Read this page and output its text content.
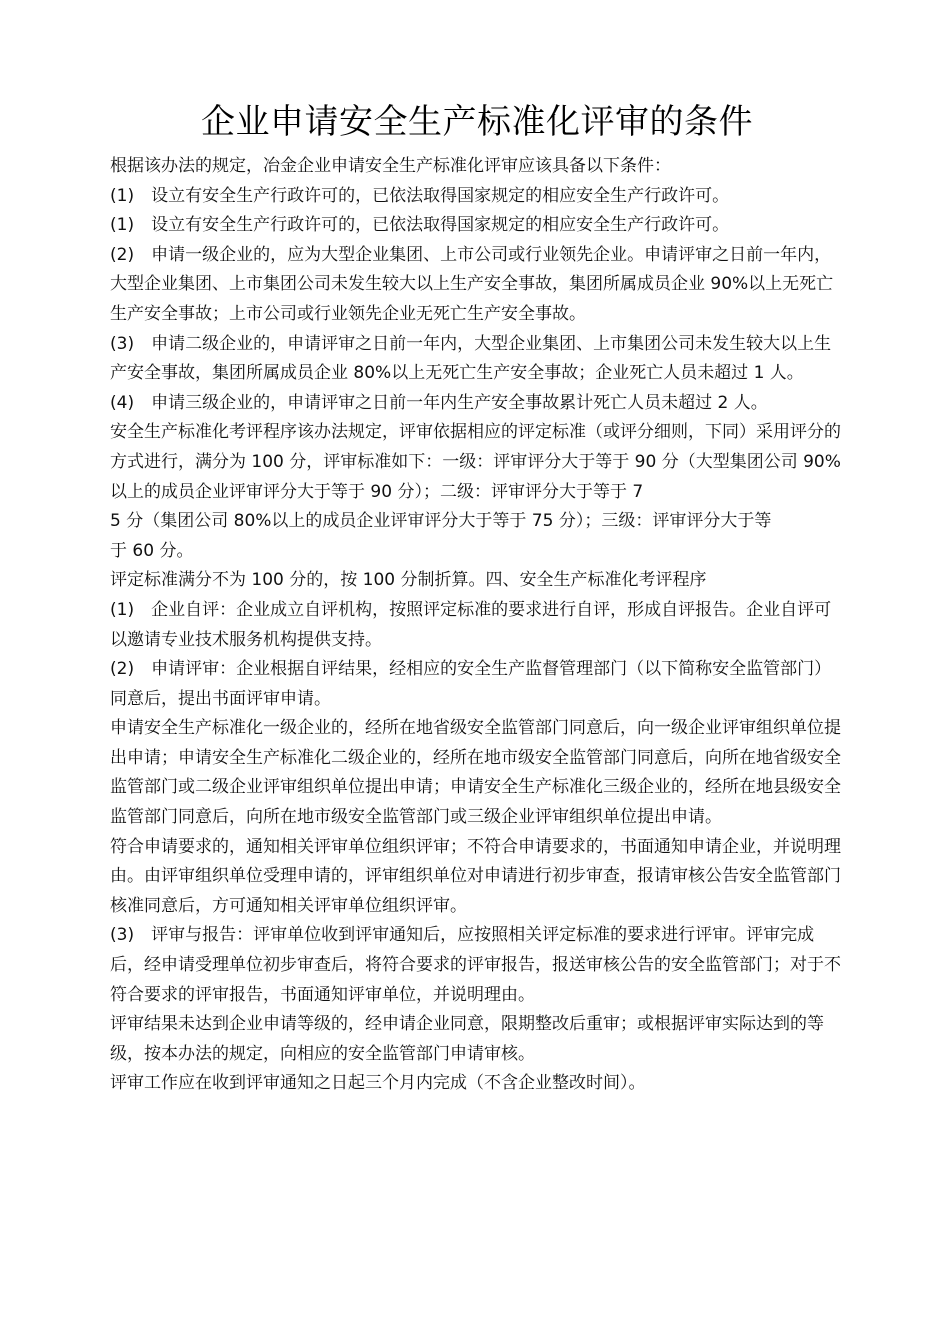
企业申请安全生产标准化评审的条件

根据该办法的规定，冶金企业申请安全生产标准化评审应该具备以下条件：

(1)　设立有安全生产行政许可的，已依法取得国家规定的相应安全生产行政许可。

(1)　设立有安全生产行政许可的，已依法取得国家规定的相应安全生产行政许可。

(2)　申请一级企业的，应为大型企业集团、上市公司或行业领先企业。申请评审之日前一年内，大型企业集团、上市集团公司未发生较大以上生产安全事故，集团所属成员企业 90%以上无死亡生产安全事故；上市公司或行业领先企业无死亡生产安全事故。

(3)　申请二级企业的，申请评审之日前一年内，大型企业集团、上市集团公司未发生较大以上生产安全事故，集团所属成员企业 80%以上无死亡生产安全事故；企业死亡人员未超过 1 人。

(4)　申请三级企业的，申请评审之日前一年内生产安全事故累计死亡人员未超过 2 人。

安全生产标准化考评程序该办法规定，评审依据相应的评定标准（或评分细则，下同）采用评分的方式进行，满分为 100 分，评审标准如下：一级：评审评分大于等于 90 分（大型集团公司 90%以上的成员企业评审评分大于等于 90 分）；二级：评审评分大于等于 7
5 分（集团公司 80%以上的成员企业评审评分大于等于 75 分）；三级：评审评分大于等
于 60 分。

评定标准满分不为 100 分的，按 100 分制折算。四、安全生产标准化考评程序

(1)　企业自评：企业成立自评机构，按照评定标准的要求进行自评，形成自评报告。企业自评可以邀请专业技术服务机构提供支持。

(2)　申请评审：企业根据自评结果，经相应的安全生产监督管理部门（以下简称安全监管部门）同意后，提出书面评审申请。

申请安全生产标准化一级企业的，经所在地省级安全监管部门同意后，向一级企业评审组织单位提出申请；申请安全生产标准化二级企业的，经所在地市级安全监管部门同意后，向所在地省级安全监管部门或二级企业评审组织单位提出申请；申请安全生产标准化三级企业的，经所在地县级安全监管部门同意后，向所在地市级安全监管部门或三级企业评审组织单位提出申请。

符合申请要求的，通知相关评审单位组织评审；不符合申请要求的，书面通知申请企业，并说明理由。由评审组织单位受理申请的，评审组织单位对申请进行初步审查，报请审核公告安全监管部门核准同意后，方可通知相关评审单位组织评审。

(3)　评审与报告：评审单位收到评审通知后，应按照相关评定标准的要求进行评审。评审完成后，经申请受理单位初步审查后，将符合要求的评审报告，报送审核公告的安全监管部门；对于不符合要求的评审报告，书面通知评审单位，并说明理由。

评审结果未达到企业申请等级的，经申请企业同意，限期整改后重审；或根据评审实际达到的等级，按本办法的规定，向相应的安全监管部门申请审核。

评审工作应在收到评审通知之日起三个月内完成（不含企业整改时间）。
